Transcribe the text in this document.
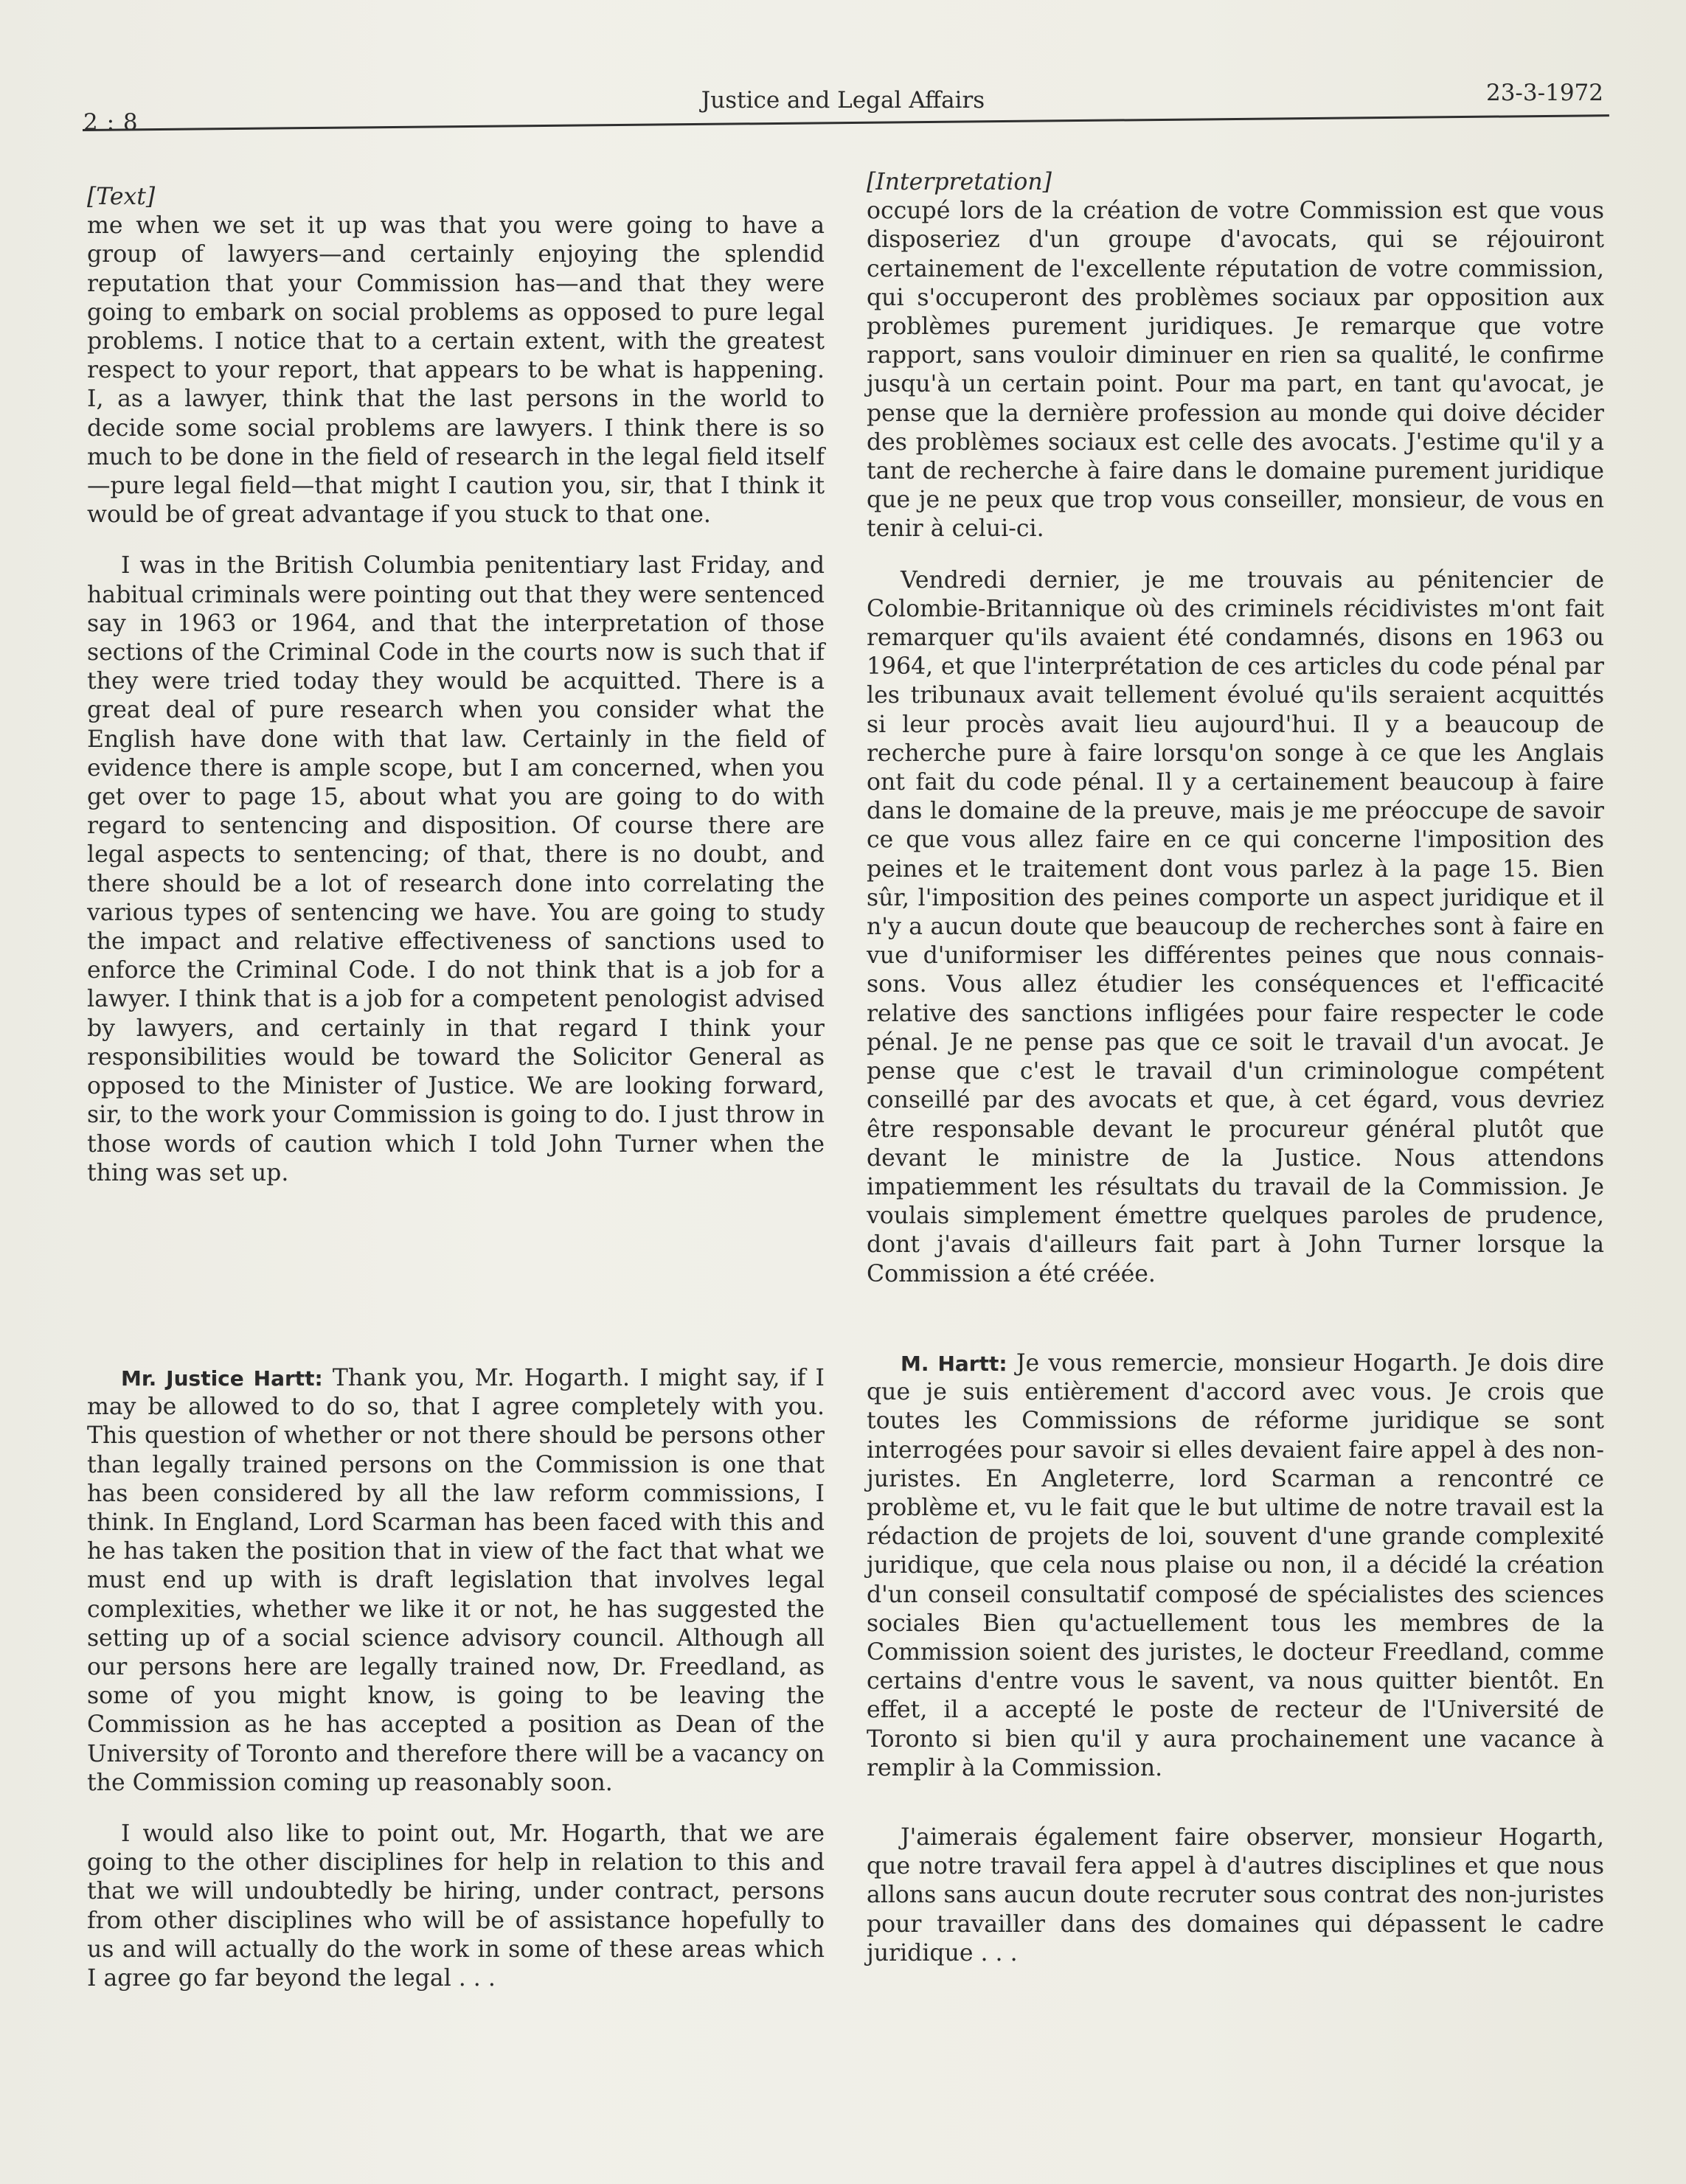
2 : 8
Justice and Legal Affairs	23-3-1972
[Text]

me when we set it up was that you were going to have a group of lawyers—and certainly enjoying the splendid reputation that your Commission has—and that they were going to embark on social problems as opposed to pure legal problems. I notice that to a certain extent, with the greatest respect to your report, that appears to be what is happening. I, as a lawyer, think that the last persons in the world to decide some social problems are lawyers. I think there is so much to be done in the field of research in the legal field itself—pure legal field—that might I caution you, sir, that I think it would be of great advantage if you stuck to that one.

I was in the British Columbia penitentiary last Friday, and habitual criminals were pointing out that they were sentenced say in 1963 or 1964, and that the interpretation of those sections of the Criminal Code in the courts now is such that if they were tried today they would be acquitted. There is a great deal of pure research when you consider what the English have done with that law. Certainly in the field of evidence there is ample scope, but I am concerned, when you get over to page 15, about what you are going to do with regard to sentencing and disposition. Of course there are legal aspects to sentencing; of that, there is no doubt, and there should be a lot of research done into correlating the various types of sentencing we have. You are going to study the impact and relative effectiveness of sanctions used to enforce the Criminal Code. I do not think that is a job for a lawyer. I think that is a job for a competent penologist advised by lawyers, and certainly in that regard I think your responsibilities would be toward the Solicitor General as opposed to the Minister of Justice. We are looking forward, sir, to the work your Commission is going to do. I just throw in those words of caution which I told John Turner when the thing was set up.

[Interpretation]

occupé lors de la création de votre Commission est que vous disposeriez d'un groupe d'avocats, qui se réjouiront certainement de l'excellente réputation de votre commission, qui s'occuperont des problèmes sociaux par opposition aux problèmes purement juridiques. Je remarque que votre rapport, sans vouloir diminuer en rien sa qualité, le confirme jusqu'à un certain point. Pour ma part, en tant qu'avocat, je pense que la dernière profession au monde qui doive décider des problèmes sociaux est celle des avocats. J'estime qu'il y a tant de recherche à faire dans le domaine purement juridique que je ne peux que trop vous conseiller, monsieur, de vous en tenir à celui-ci.

Vendredi dernier, je me trouvais au pénitencier de Colombie-Britannique où des criminels récidivistes m'ont fait remarquer qu'ils avaient été condamnés, disons en 1963 ou 1964, et que l'interprétation de ces articles du code pénal par les tribunaux avait tellement évolué qu'ils seraient acquittés si leur procès avait lieu aujourd'hui. Il y a beaucoup de recherche pure à faire lorsqu'on songe à ce que les Anglais ont fait du code pénal. Il y a certainement beaucoup à faire dans le domaine de la preuve, mais je me préoccupe de savoir ce que vous allez faire en ce qui concerne l'imposition des peines et le traitement dont vous parlez à la page 15. Bien sûr, l'imposition des peines comporte un aspect juridique et il n'y a aucun doute que beaucoup de recherches sont à faire en vue d'uniformiser les différentes peines que nous connaissons. Vous allez étudier les conséquences et l'efficacité relative des sanctions infligées pour faire respecter le code pénal. Je ne pense pas que ce soit le travail d'un avocat. Je pense que c'est le travail d'un criminologue compétent conseillé par des avocats et que, à cet égard, vous devriez être responsable devant le procureur général plutôt que devant le ministre de la Justice. Nous attendons impatiemment les résultats du travail de la Commission. Je voulais simplement émettre quelques paroles de prudence, dont j'avais d'ailleurs fait part à John Turner lorsque la Commission a été créée.

Mr. Justice Hartt: Thank you, Mr. Hogarth. I might say, if I may be allowed to do so, that I agree completely with you. This question of whether or not there should be persons other than legally trained persons on the Commission is one that has been considered by all the law reform commissions, I think. In England, Lord Scarman has been faced with this and he has taken the position that in view of the fact that what we must end up with is draft legislation that involves legal complexities, whether we like it or not, he has suggested the setting up of a social science advisory council. Although all our persons here are legally trained now, Dr. Freedland, as some of you might know, is going to be leaving the Commission as he has accepted a position as Dean of the University of Toronto and therefore there will be a vacancy on the Commission coming up reasonably soon.

I would also like to point out, Mr. Hogarth, that we are going to the other disciplines for help in relation to this and that we will undoubtedly be hiring, under contract, persons from other disciplines who will be of assistance hopefully to us and will actually do the work in some of these areas which I agree go far beyond the legal . . .

M. Hartt: Je vous remercie, monsieur Hogarth. Je dois dire que je suis entièrement d'accord avec vous. Je crois que toutes les Commissions de réforme juridique se sont interrogées pour savoir si elles devaient faire appel à des non-juristes. En Angleterre, lord Scarman a rencontré ce problème et, vu le fait que le but ultime de notre travail est la rédaction de projets de loi, souvent d'une grande complexité juridique, que cela nous plaise ou non, il a décidé la création d'un conseil consultatif composé de spécialistes des sciences sociales Bien qu'actuellement tous les membres de la Commission soient des juristes, le docteur Freedland, comme certains d'entre vous le savent, va nous quitter bientôt. En effet, il a accepté le poste de recteur de l'Université de Toronto si bien qu'il y aura prochainement une vacance à remplir à la Commission.

J'aimerais également faire observer, monsieur Hogarth, que notre travail fera appel à d'autres disciplines et que nous allons sans aucun doute recruter sous contrat des non-juristes pour travailler dans des domaines qui dépassent le cadre juridique . . .
